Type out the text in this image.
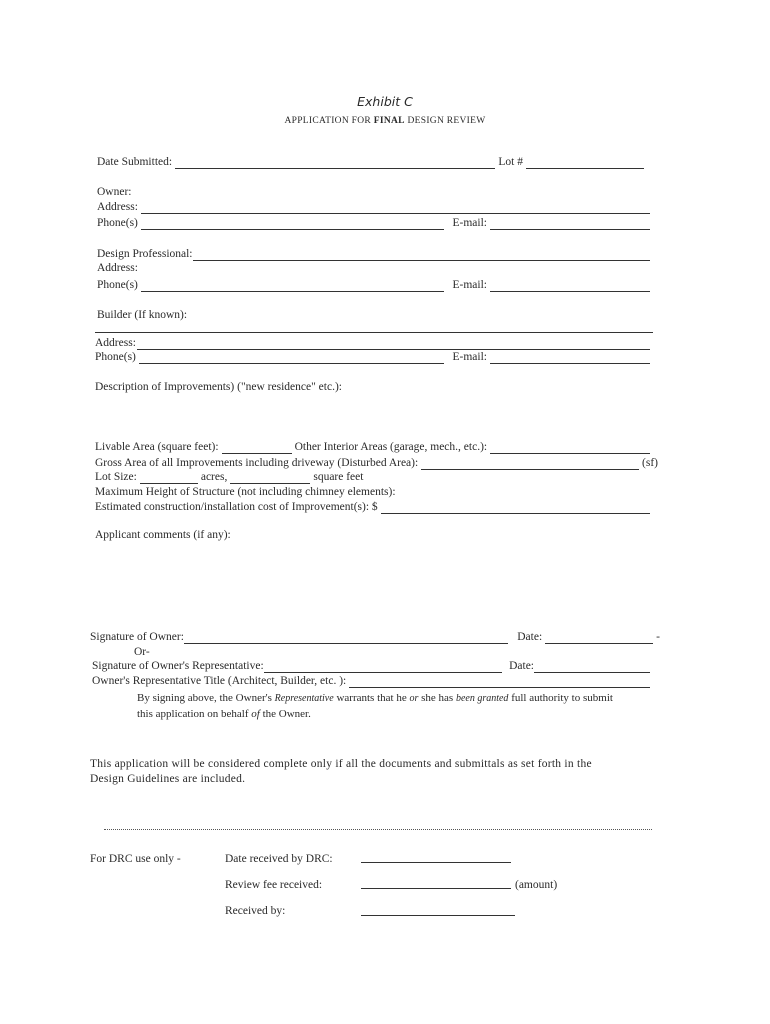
Exhibit C
APPLICATION FOR FINAL DESIGN REVIEW
Date Submitted:	Lot #
Owner:
Address:
Phone(s)	E-mail:
Design Professional:
Address:
Phone(s)	E-mail:
Builder (If known):
Address:
Phone(s)	E-mail:
Description of Improvements) ("new residence" etc.):
Livable Area (square feet):	Other Interior Areas (garage, mech., etc.):
Gross Area of all Improvements including driveway (Disturbed Area):	(sf)
Lot Size:	acres,	square feet
Maximum Height of Structure (not including chimney elements):
Estimated construction/installation cost of Improvement(s): $
Applicant comments (if any):
Signature of Owner:	Date:	-
Or-
Signature of Owner's Representative:	Date:
Owner's Representative Title (Architect, Builder, etc. ):
By signing above, the Owner's Representative warrants that he or she has been granted full authority to submit
this application on behalf of the Owner.
This application will be considered complete only if all the documents and submittals as set forth in the
Design Guidelines are included.
For DRC use only -	Date received by DRC:
Review fee received:	(amount)
Received by:
